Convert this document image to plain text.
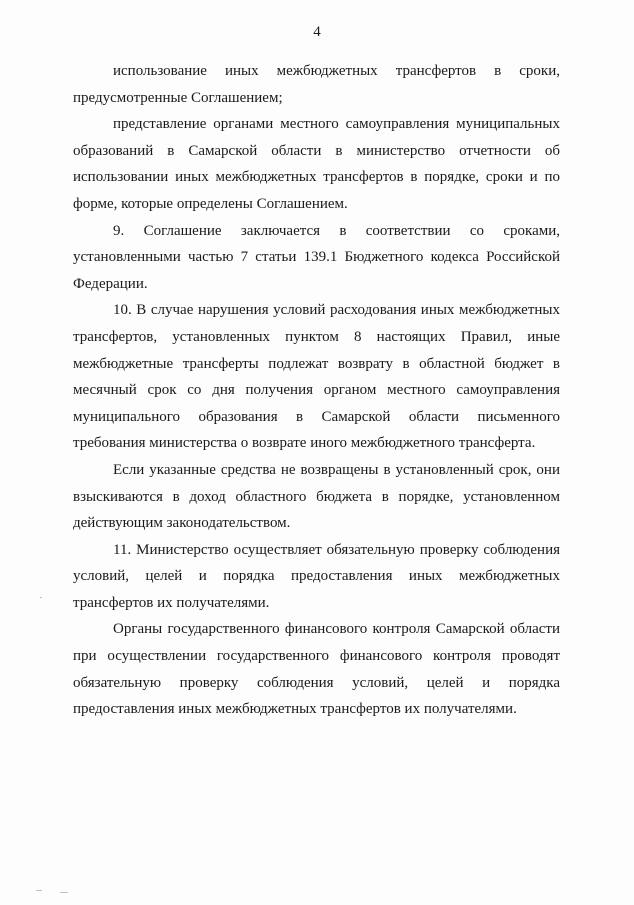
4

использование иных межбюджетных трансфертов в сроки, предусмотренные Соглашением;

представление органами местного самоуправления муниципальных образований в Самарской области в министерство отчетности об использовании иных межбюджетных трансфертов в порядке, сроки и по форме, которые определены Соглашением.

9. Соглашение заключается в соответствии со сроками, установленными частью 7 статьи 139.1 Бюджетного кодекса Российской Федерации.

10. В случае нарушения условий расходования иных межбюджетных трансфертов, установленных пунктом 8 настоящих Правил, иные межбюджетные трансферты подлежат возврату в областной бюджет в месячный срок со дня получения органом местного самоуправления муниципального образования в Самарской области письменного требования министерства о возврате иного межбюджетного трансферта.

Если указанные средства не возвращены в установленный срок, они взыскиваются в доход областного бюджета в порядке, установленном действующим законодательством.

11. Министерство осуществляет обязательную проверку соблюдения условий, целей и порядка предоставления иных межбюджетных трансфертов их получателями.

Органы государственного финансового контроля Самарской области при осуществлении государственного финансового контроля проводят обязательную проверку соблюдения условий, целей и порядка предоставления иных межбюджетных трансфертов их получателями.
